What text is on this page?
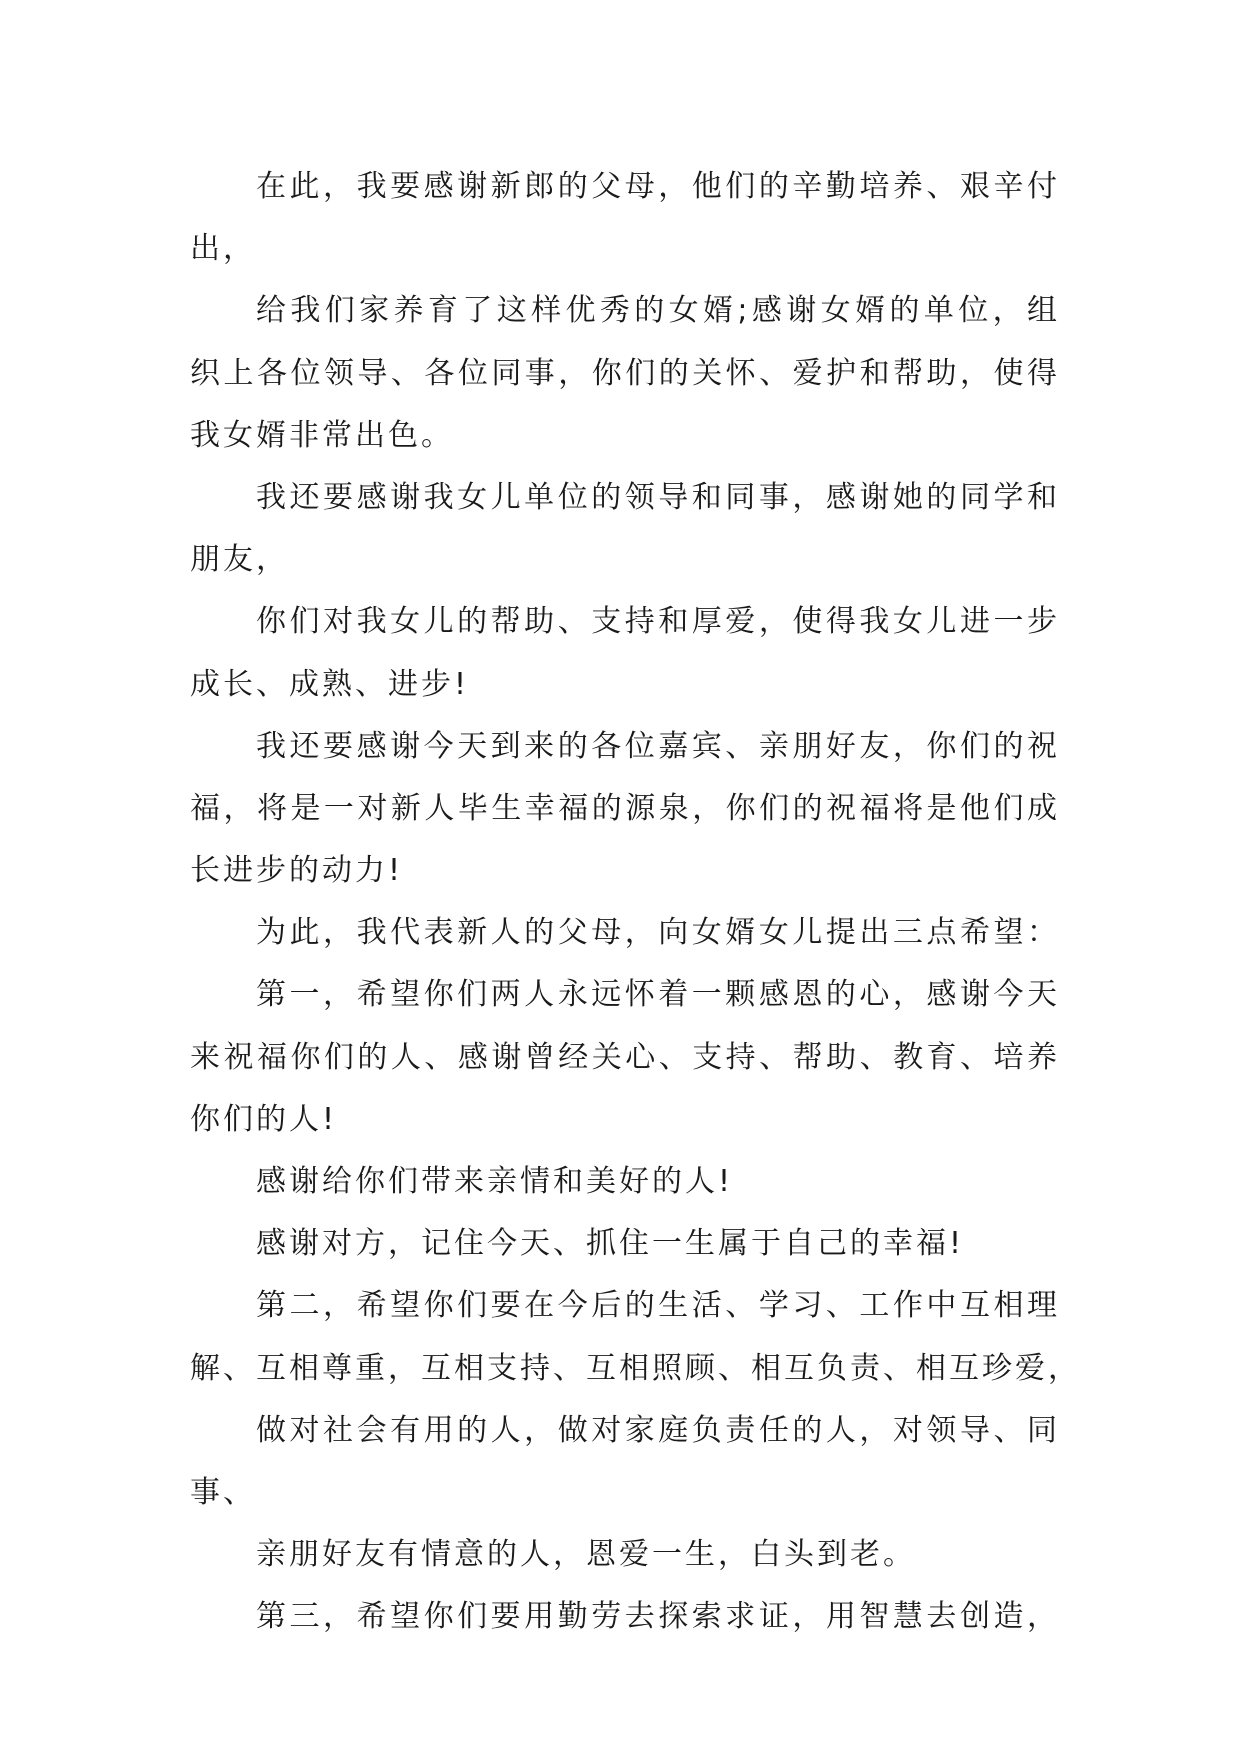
在此，我要感谢新郎的父母，他们的辛勤培养、艰辛付
出，
给我们家养育了这样优秀的女婿;感谢女婿的单位，组
织上各位领导、各位同事，你们的关怀、爱护和帮助，使得
我女婿非常出色。
我还要感谢我女儿单位的领导和同事，感谢她的同学和
朋友，
你们对我女儿的帮助、支持和厚爱，使得我女儿进一步
成长、成熟、进步!
我还要感谢今天到来的各位嘉宾、亲朋好友，你们的祝
福，将是一对新人毕生幸福的源泉，你们的祝福将是他们成
长进步的动力!
为此，我代表新人的父母，向女婿女儿提出三点希望：
第一，希望你们两人永远怀着一颗感恩的心，感谢今天
来祝福你们的人、感谢曾经关心、支持、帮助、教育、培养
你们的人!
感谢给你们带来亲情和美好的人!
感谢对方，记住今天、抓住一生属于自己的幸福!
第二，希望你们要在今后的生活、学习、工作中互相理
解、互相尊重，互相支持、互相照顾、相互负责、相互珍爱，
做对社会有用的人，做对家庭负责任的人，对领导、同
事、
亲朋好友有情意的人，恩爱一生，白头到老。
第三，希望你们要用勤劳去探索求证，用智慧去创造，
